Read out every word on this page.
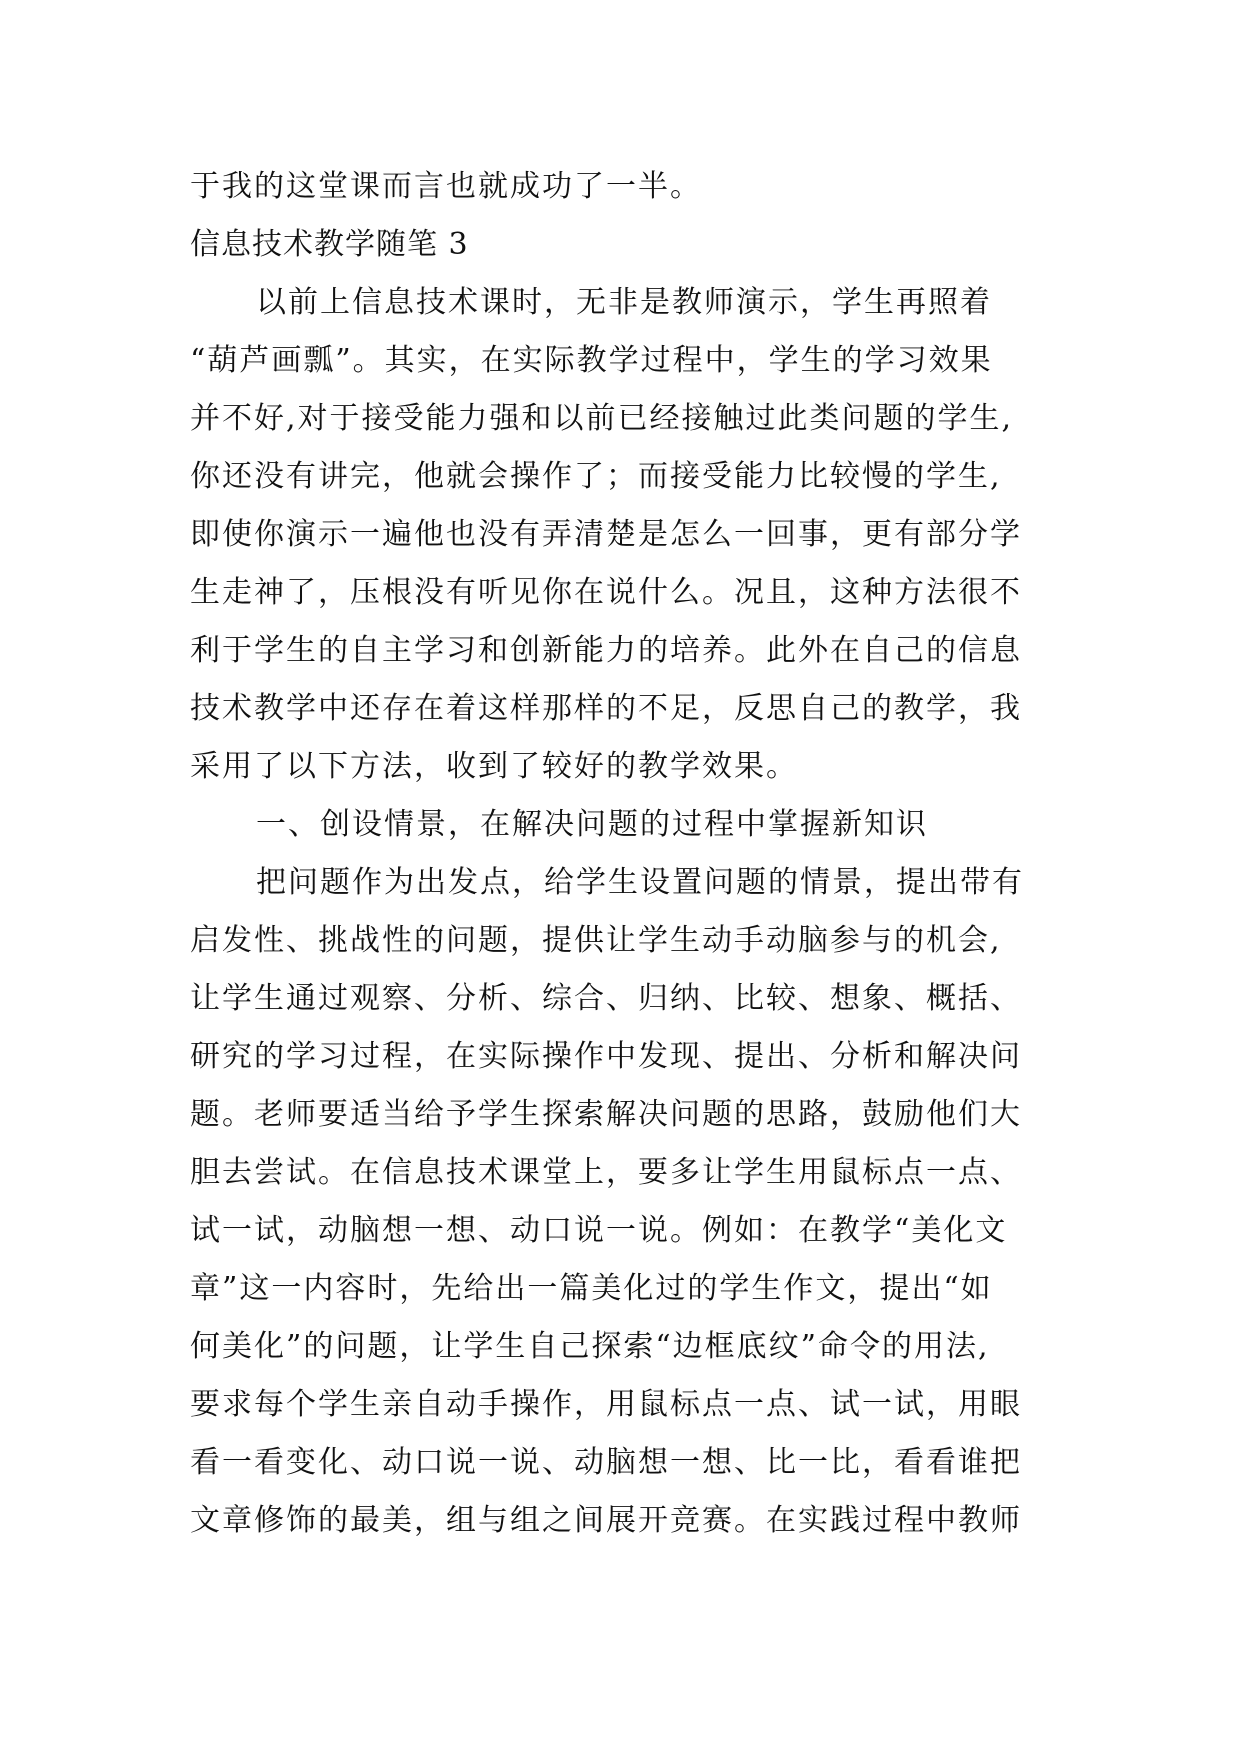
于我的这堂课而言也就成功了一半。
信息技术教学随笔 3
以前上信息技术课时，无非是教师演示，学生再照着
“葫芦画瓢”。其实，在实际教学过程中，学生的学习效果
并不好,对于接受能力强和以前已经接触过此类问题的学生,
你还没有讲完，他就会操作了；而接受能力比较慢的学生,
即使你演示一遍他也没有弄清楚是怎么一回事，更有部分学
生走神了，压根没有听见你在说什么。况且，这种方法很不
利于学生的自主学习和创新能力的培养。此外在自己的信息
技术教学中还存在着这样那样的不足，反思自己的教学，我
采用了以下方法，收到了较好的教学效果。
一、创设情景，在解决问题的过程中掌握新知识
把问题作为出发点，给学生设置问题的情景，提出带有
启发性、挑战性的问题，提供让学生动手动脑参与的机会,
让学生通过观察、分析、综合、归纳、比较、想象、概括、
研究的学习过程，在实际操作中发现、提出、分析和解决问
题。老师要适当给予学生探索解决问题的思路，鼓励他们大
胆去尝试。在信息技术课堂上，要多让学生用鼠标点一点、
试一试，动脑想一想、动口说一说。例如：在教学“美化文
章”这一内容时，先给出一篇美化过的学生作文，提出“如
何美化”的问题，让学生自己探索“边框底纹”命令的用法,
要求每个学生亲自动手操作，用鼠标点一点、试一试，用眼
看一看变化、动口说一说、动脑想一想、比一比，看看谁把
文章修饰的最美，组与组之间展开竞赛。在实践过程中教师
